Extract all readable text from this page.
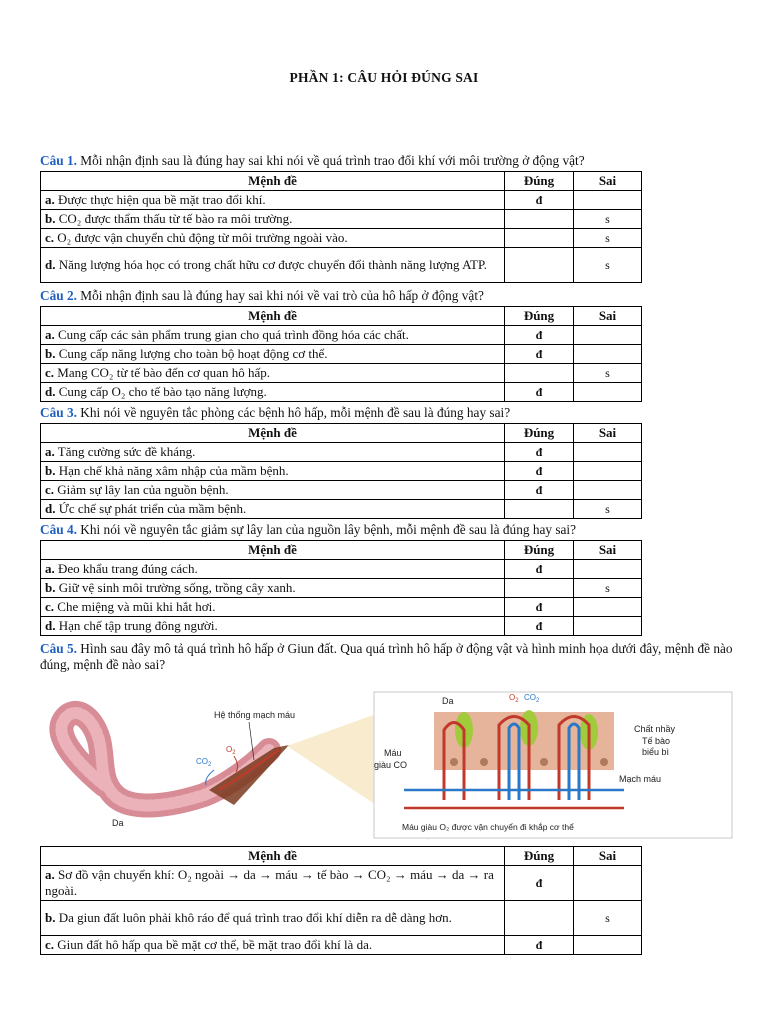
PHẦN 1: CÂU HỎI ĐÚNG SAI
Câu 1. Mỗi nhận định sau là đúng hay sai khi nói về quá trình trao đổi khí với môi trường ở động vật?
Mệnh đề	Đúng	Sai
a. Được thực hiện qua bề mặt trao đổi khí.	đ	
b. CO₂ được thẩm thấu từ tế bào ra môi trường.		s
c. O₂ được vận chuyển chủ động từ môi trường ngoài vào.		s
d. Năng lượng hóa học có trong chất hữu cơ được chuyển đổi thành năng lượng ATP.		s
Câu 2. Mỗi nhận định sau là đúng hay sai khi nói về vai trò của hô hấp ở động vật?
Mệnh đề	Đúng	Sai
a. Cung cấp các sản phẩm trung gian cho quá trình đồng hóa các chất.	đ	
b. Cung cấp năng lượng cho toàn bộ hoạt động cơ thể.	đ	
c. Mang CO₂ từ tế bào đến cơ quan hô hấp.		s
d. Cung cấp O₂ cho tế bào tạo năng lượng.	đ	
Câu 3. Khi nói về nguyên tắc phòng các bệnh hô hấp, mỗi mệnh đề sau là đúng hay sai?
Mệnh đề	Đúng	Sai
a. Tăng cường sức đề kháng.	đ	
b. Hạn chế khả năng xâm nhập của mầm bệnh.	đ	
c. Giảm sự lây lan của nguồn bệnh.	đ	
d. Ức chế sự phát triển của mầm bệnh.		s
Câu 4. Khi nói về nguyên tắc giảm sự lây lan của nguồn lây bệnh, mỗi mệnh đề sau là đúng hay sai?
Mệnh đề	Đúng	Sai
a. Đeo khẩu trang đúng cách.	đ	
b. Giữ vệ sinh môi trường sống, trồng cây xanh.		s
c. Che miệng và mũi khi hắt hơi.	đ	
d. Hạn chế tập trung đông người.	đ	
Câu 5. Hình sau đây mô tả quá trình hô hấp ở Giun đất. Qua quá trình hô hấp ở động vật và hình minh họa dưới đây, mệnh đề nào đúng, mệnh đề nào sai?
Hệ thống mạch máu
$CO_2$
$O_2$
Da
Da	$O_2$ $CO_2$
Chất nhầy
Tế bào
biểu bì
Mạch máu
Máu
giàu CO
Máu giàu O₂ được vận chuyển đi khắp cơ thể
Mệnh đề	Đúng	Sai
a. Sơ đồ vận chuyển khí: O₂ ngoài → da → máu → tế bào → CO₂ → máu → da → ra ngoài.	đ	
b. Da giun đất luôn phải khô ráo để quá trình trao đổi khí diễn ra dễ dàng hơn.		s
c. Giun đất hô hấp qua bề mặt cơ thể, bề mặt trao đổi khí là da.	đ	
